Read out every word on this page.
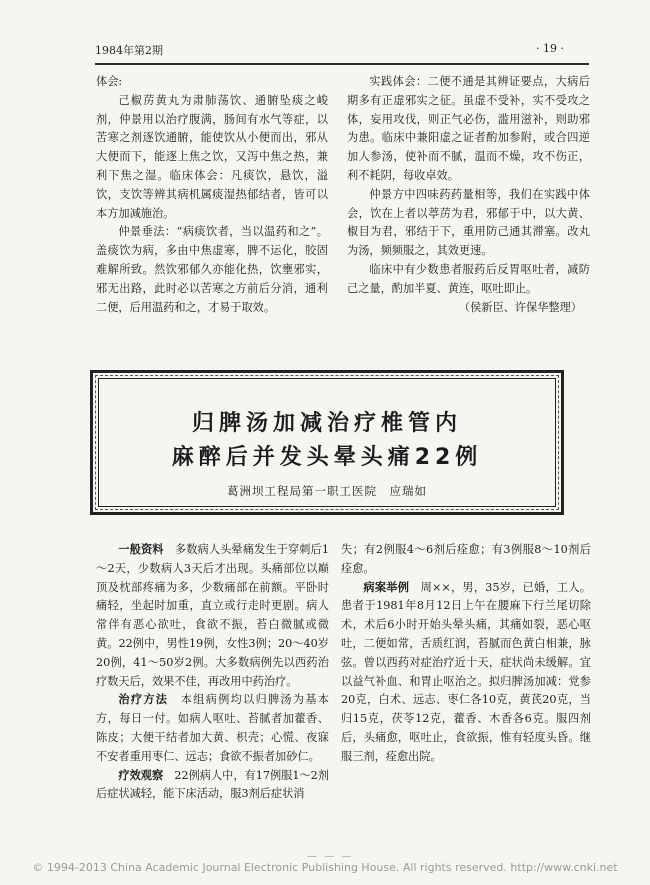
1984年第2期	· 19 ·

体会:

己椒苈黄丸为肃肺荡饮、通腑坠痰之峻剂，仲景用以治疗腹满，肠间有水气等症，以苦寒之剂逐饮通腑，能使饮从小便而出，邪从大便而下，能逐上焦之饮，又泻中焦之热，兼利下焦之湿。临床体会：凡痰饮，悬饮，溢饮，支饮等辨其病机属痰湿热郁结者，皆可以本方加减施治。

仲景垂法：“病痰饮者，当以温药和之”。盖痰饮为病，多由中焦虚寒，脾不运化，胶固难解所致。然饮邪郁久亦能化热，饮壅邪实，邪无出路，此时必以苦寒之方前后分消，通利二便，后用温药和之，才易于取效。

实践体会：二便不通是其辨证要点，大病后期多有正虚邪实之征。虽虚不受补，实不受攻之体，妄用攻伐，则正气必伤，滥用滋补，则助邪为患。临床中兼阳虚之证者酌加参附，或合四逆加人参汤，使补而不腻，温而不燥，攻不伤正，利不耗阴，每收卓效。

仲景方中四味药药量相等，我们在实践中体会，饮在上者以葶苈为君，邪郁于中，以大黄、椒目为君，邪结于下，重用防己通其滞塞。改丸为汤，频频服之，其效更速。

临床中有少数患者服药后反胃呕吐者，减防己之量，酌加半夏、黄连，呕吐即止。

（侯新臣、许保华整理）

归脾汤加减治疗椎管内
麻醉后并发头晕头痛22例
葛洲坝工程局第一职工医院　应瑞如

一般资料　 多数病人头晕痛发生于穿刺后1～2天，少数病人3天后才出现。头痛部位以巅顶及枕部疼痛为多，少数痛部在前额。平卧时痛轻，坐起时加重，直立或行走时更剧。病人常伴有恶心欲吐，食欲不振，苔白微腻或微黄。22例中，男性19例，女性3例；20～40岁20例，41～50岁2例。大多数病例先以西药治疗数天后，效果不佳，再改用中药治疗。

治疗方法　 本组病例均以归脾汤为基本方，每日一付。如病人呕吐、苔腻者加藿香、陈皮；大便干结者加大黄、枳壳；心慌、夜寐不安者重用枣仁、远志；食欲不振者加砂仁。

疗效观察　 22例病人中，有17例服1～2剂后症状减轻，能下床活动，服3剂后症状消

失；有2例服4～6剂后痊愈；有3例服8～10剂后痊愈。

病案举例　 周××，男，35岁，已婚，工人。患者于1981年8月12日上午在腰麻下行兰尾切除术，术后6小时开始头晕头痛，其痛如裂，恶心呕吐，二便如常，舌质红润，苔腻而色黄白相兼，脉弦。曾以西药对症治疗近十天，症状尚未缓解。宜以益气补血、和胃止呕治之。拟归脾汤加减：党参20克，白术、远志、枣仁各10克，黄芪20克，当归15克，茯苓12克，藿香、木香各6克。服四剂后，头痛愈，呕吐止，食欲振，惟有轻度头昏。继服三剂，痊愈出院。

— — —
© 1994-2013 China Academic Journal Electronic Publishing House. All rights reserved. http://www.cnki.net
